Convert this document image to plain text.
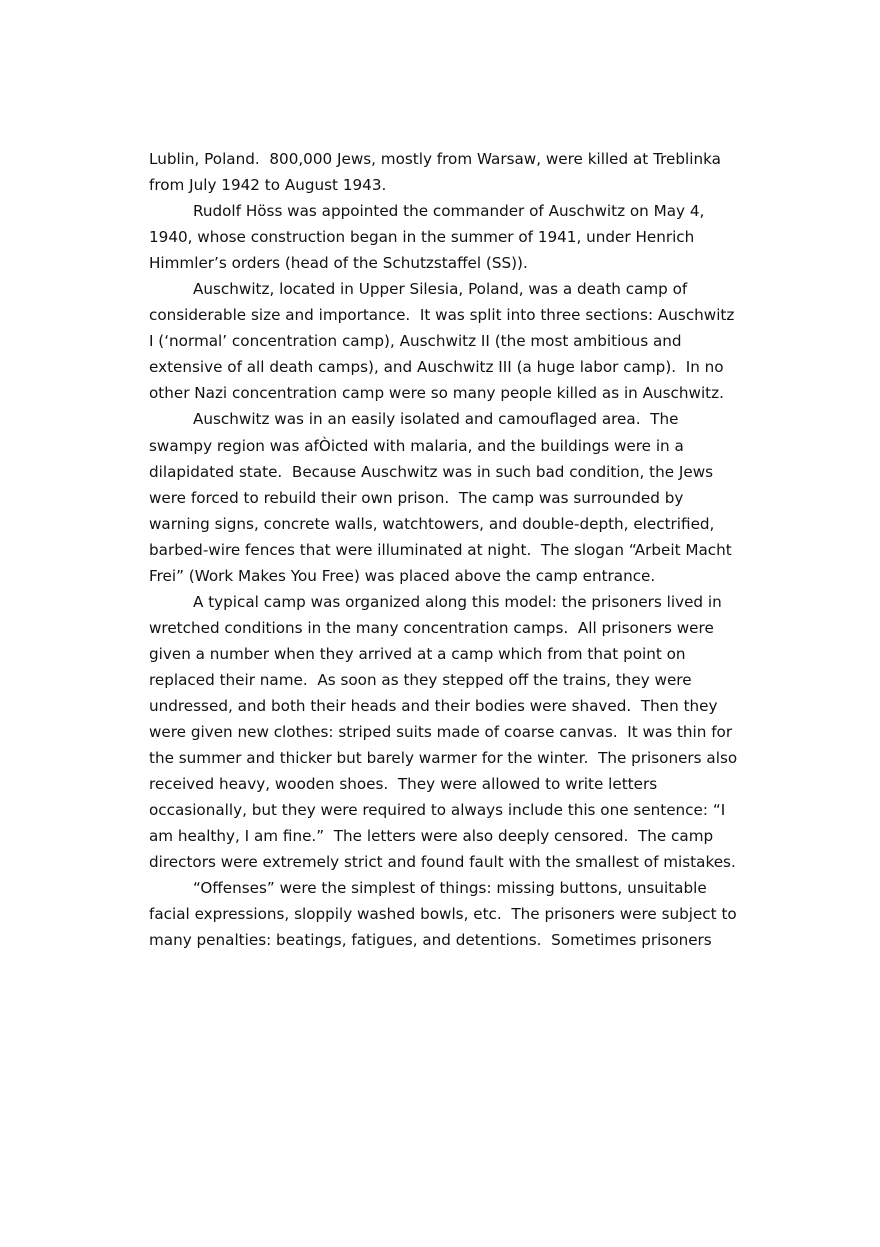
Lublin, Poland.  800,000 Jews, mostly from Warsaw, were killed at Treblinka
from July 1942 to August 1943.
Rudolf Höss was appointed the commander of Auschwitz on May 4,
1940, whose construction began in the summer of 1941, under Henrich
Himmler’s orders (head of the Schutzstaffel (SS)).
Auschwitz, located in Upper Silesia, Poland, was a death camp of
considerable size and importance.  It was split into three sections: Auschwitz
I (‘normal’ concentration camp), Auschwitz II (the most ambitious and
extensive of all death camps), and Auschwitz III (a huge labor camp).  In no
other Nazi concentration camp were so many people killed as in Auschwitz.
Auschwitz was in an easily isolated and camouflaged area.  The
swampy region was afÒicted with malaria, and the buildings were in a
dilapidated state.  Because Auschwitz was in such bad condition, the Jews
were forced to rebuild their own prison.  The camp was surrounded by
warning signs, concrete walls, watchtowers, and double-depth, electrified,
barbed-wire fences that were illuminated at night.  The slogan “Arbeit Macht
Frei” (Work Makes You Free) was placed above the camp entrance.
A typical camp was organized along this model: the prisoners lived in
wretched conditions in the many concentration camps.  All prisoners were
given a number when they arrived at a camp which from that point on
replaced their name.  As soon as they stepped off the trains, they were
undressed, and both their heads and their bodies were shaved.  Then they
were given new clothes: striped suits made of coarse canvas.  It was thin for
the summer and thicker but barely warmer for the winter.  The prisoners also
received heavy, wooden shoes.  They were allowed to write letters
occasionally, but they were required to always include this one sentence: “I
am healthy, I am fine.”  The letters were also deeply censored.  The camp
directors were extremely strict and found fault with the smallest of mistakes.
“Offenses” were the simplest of things: missing buttons, unsuitable
facial expressions, sloppily washed bowls, etc.  The prisoners were subject to
many penalties: beatings, fatigues, and detentions.  Sometimes prisoners
